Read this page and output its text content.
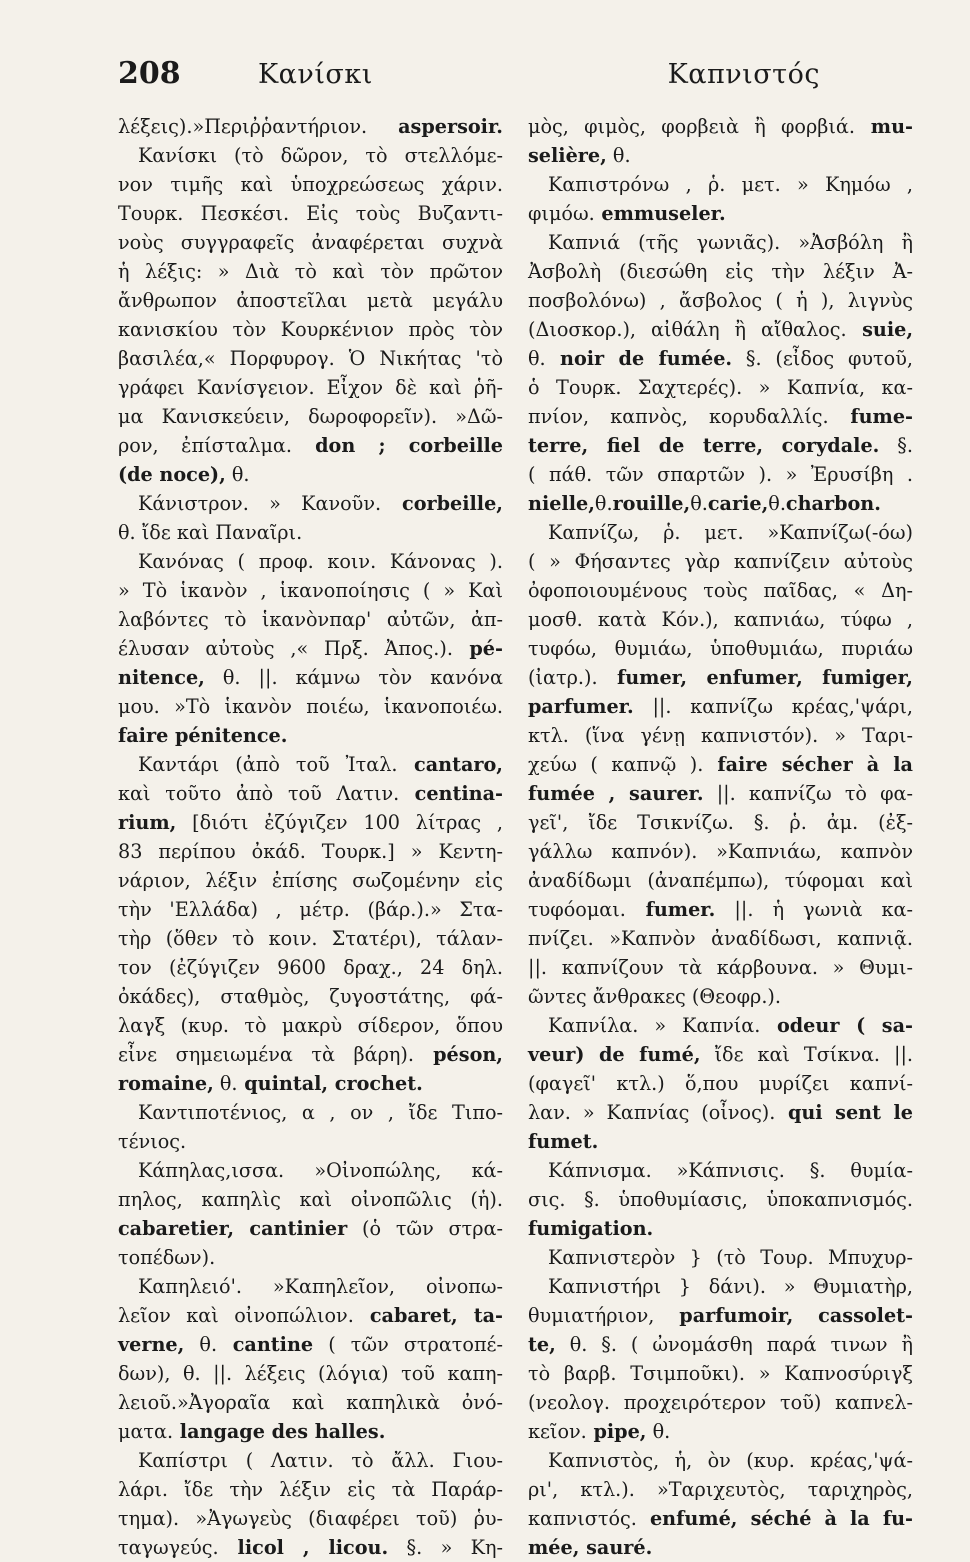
208	Κανίσκι	Καπνιστός
λέξεις).»Περιῤῥαντήριον. aspersoir.
Κανίσκι (τὸ δῶρον, τὸ στελλόμε-
νον τιμῆς καὶ ὑποχρεώσεως χάριν.
Τουρκ. Πεσκέσι. Εἰς τοὺς Βυζαντι-
νοὺς συγγραφεῖς ἀναφέρεται συχνὰ
ἡ λέξις: » Διὰ τὸ καὶ τὸν πρῶτον
ἄνθρωπον ἀποστεῖλαι μετὰ μεγάλυ
κανισκίου τὸν Κουρκένιον πρὸς τὸν
βασιλέα,« Πορφυρογ. Ὁ Νικήτας 'τὸ
γράφει Κανίσγειον. Εἶχον δὲ καὶ ῥῆ-
μα Κανισκεύειν, δωροφορεῖν). »Δῶ-
ρον, ἐπίσταλμα. don ; corbeille
(de noce), θ.
Κάνιστρον. » Κανοῦν. corbeille,
θ. ἴδε καὶ Παναῖρι.
Κανόνας ( προφ. κοιν. Κάνονας ).
» Τὸ ἱκανὸν , ἱκανοποίησις ( » Καὶ
λαβόντες τὸ ἱκανὸνπαρ' αὐτῶν, ἀπ-
έλυσαν αὐτοὺς ,« Πρξ. Ἀπος.). pé-
nitence, θ. ||. κάμνω τὸν κανόνα
μου. »Τὸ ἱκανὸν ποιέω, ἱκανοποιέω.
faire pénitence.
Καντάρι (ἀπὸ τοῦ Ἰταλ. cantaro,
καὶ τοῦτο ἀπὸ τοῦ Λατιν. centina-
rium, [διότι ἐζύγιζεν 100 λίτρας ,
83 περίπου ὀκάδ. Τουρκ.] » Κεντη-
νάριον, λέξιν ἐπίσης σωζομένην εἰς
τὴν 'Ελλάδα) , μέτρ. (βάρ.).» Στα-
τὴρ (ὅθεν τὸ κοιν. Στατέρι), τάλαν-
τον (ἐζύγιζεν 9600 δραχ., 24 δηλ.
ὀκάδες), σταθμὸς, ζυγοστάτης, φά-
λαγξ (κυρ. τὸ μακρὺ σίδερον, ὅπου
εἶνε σημειωμένα τὰ βάρη). péson,
romaine, θ. quintal, crochet.
Καντιποτένιος, α , ον , ἴδε Τιπο-
τένιος.
Κάπηλας,ισσα. »Οἰνοπώλης, κά-
πηλος, καπηλὶς καὶ οἰνοπῶλις (ἡ).
cabaretier, cantinier (ὁ τῶν στρα-
τοπέδων).
Καπηλειό'. »Καπηλεῖον, οἰνοπω-
λεῖον καὶ οἰνοπώλιον. cabaret, ta-
verne, θ. cantine ( τῶν στρατοπέ-
δων), θ. ||. λέξεις (λόγια) τοῦ καπη-
λειοῦ.»Ἀγοραῖα καὶ καπηλικὰ ὀνό-
ματα. langage des halles.
Καπίστρι ( Λατιν. τὸ ἄλλ. Γιου-
λάρι. ἴδε τὴν λέξιν εἰς τὰ Παράρ-
τημα). »Ἀγωγεὺς (διαφέρει τοῦ) ῥυ-
ταγωγεύς. licol , licou. §. » Κη-
μὸς, φιμὸς, φορβειὰ ἢ φορβιά. mu-
selière, θ.
Καπιστρόνω , ῥ. μετ. » Κημόω ,
φιμόω. emmuseler.
Καπνιά (τῆς γωνιᾶς). »Ἀσβόλη ἢ
Ἀσβολὴ (διεσώθη εἰς τὴν λέξιν Ἀ-
ποσβολόνω) , ἄσβολος ( ἡ ), λιγνὺς
(Διοσκορ.), αἰθάλη ἢ αἴθαλος. suie,
θ. noir de fumée. §. (εἶδος φυτοῦ,
ὁ Τουρκ. Σαχτερές). » Καπνία, κα-
πνίον, καπνὸς, κορυδαλλίς. fume-
terre, fiel de terre, corydale. §.
( πάθ. τῶν σπαρτῶν ). » Ἐρυσίβη .
nielle,θ.rouille,θ.carie,θ.charbon.
Καπνίζω, ῥ. μετ. »Καπνίζω(-όω)
( » Φήσαντες γὰρ καπνίζειν αὐτοὺς
ὀφοποιουμένους τοὺς παῖδας, « Δη-
μοσθ. κατὰ Κόν.), καπνιάω, τύφω ,
τυφόω, θυμιάω, ὑποθυμιάω, πυριάω
(ἰατρ.). fumer, enfumer, fumiger,
parfumer. ||. καπνίζω κρέας,'ψάρι,
κτλ. (ἵνα γένῃ καπνιστόν). » Ταρι-
χεύω ( καπνῷ ). faire sécher à la
fumée , saurer. ||. καπνίζω τὸ φα-
γεῖ', ἴδε Τσικνίζω. §. ῥ. ἀμ. (ἐξ-
γάλλω καπνόν). »Καπνιάω, καπνὸν
ἀναδίδωμι (ἀναπέμπω), τύφομαι καὶ
τυφόομαι. fumer. ||. ἡ γωνιὰ κα-
πνίζει. »Καπνὸν ἀναδίδωσι, καπνιᾷ.
||. καπνίζουν τὰ κάρβουνα. » Θυμι-
ῶντες ἄνθρακες (Θεοφρ.).
Καπνίλα. » Καπνία. odeur ( sa-
veur) de fumé, ἴδε καὶ Τσίκνα. ||.
(φαγεῖ' κτλ.) ὅ,που μυρίζει καπνί-
λαν. » Καπνίας (οἶνος). qui sent le
fumet.
Κάπνισμα. »Κάπνισις. §. θυμία-
σις. §. ὑποθυμίασις, ὑποκαπνισμός.
fumigation.
Καπνιστερὸν } (τὸ Τουρ. Μπυχυρ-
Καπνιστήρι } δάνι). » Θυμιατὴρ,
θυμιατήριον, parfumoir, cassolet-
te, θ. §. ( ὠνομάσθη παρά τινων ἢ
τὸ βαρβ. Τσιμποῦκι). » Καπνοσύριγξ
(νεολογ. προχειρότερον τοῦ) καπνελ-
κεῖον. pipe, θ.
Καπνιστὸς, ἡ, ὸν (κυρ. κρέας,'ψά-
ρι', κτλ.). »Ταριχευτὸς, ταριχηρὸς,
καπνιστός. enfumé, séché à la fu-
mée, sauré.
